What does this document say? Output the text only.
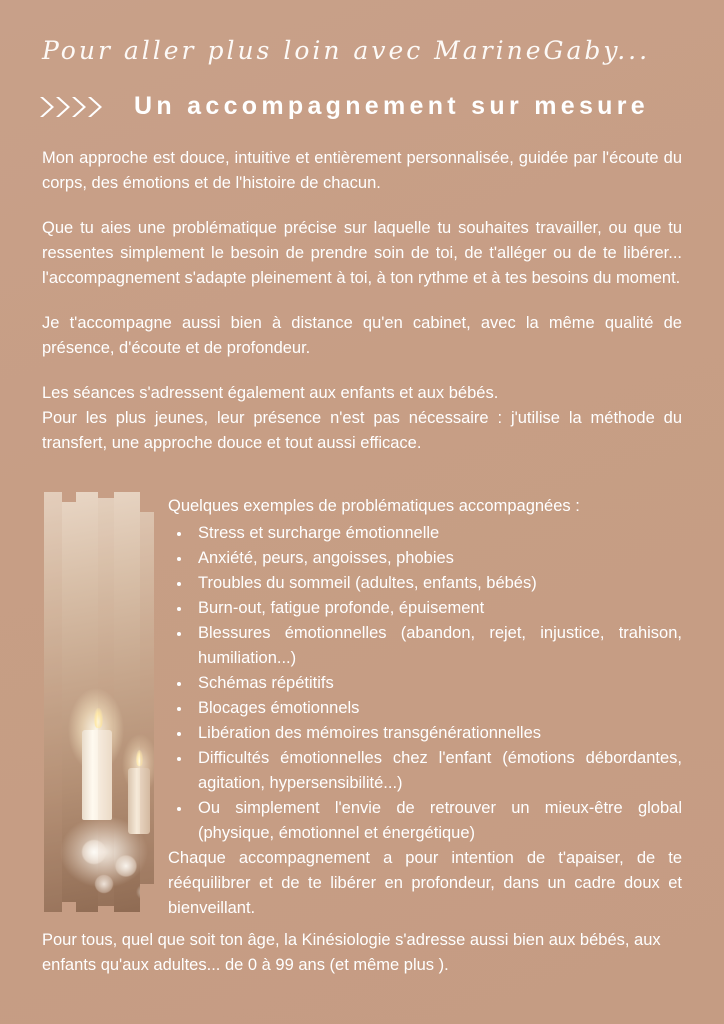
Pour aller plus loin avec MarineGaby...
Un accompagnement sur mesure

Mon approche est douce, intuitive et entièrement personnalisée, guidée par l'écoute du corps, des émotions et de l'histoire de chacun.

Que tu aies une problématique précise sur laquelle tu souhaites travailler, ou que tu ressentes simplement le besoin de prendre soin de toi, de t'alléger ou de te libérer... l'accompagnement s'adapte pleinement à toi, à ton rythme et à tes besoins du moment.

Je t'accompagne aussi bien à distance qu'en cabinet, avec la même qualité de présence, d'écoute et de profondeur.

Les séances s'adressent également aux enfants et aux bébés.

Pour les plus jeunes, leur présence n'est pas nécessaire : j'utilise la méthode du transfert, une approche douce et tout aussi efficace.

Quelques exemples de problématiques accompagnées :

• Stress et surcharge émotionnelle
• Anxiété, peurs, angoisses, phobies
• Troubles du sommeil (adultes, enfants, bébés)
• Burn-out, fatigue profonde, épuisement
• Blessures émotionnelles (abandon, rejet, injustice, trahison, humiliation...)
• Schémas répétitifs
• Blocages émotionnels
• Libération des mémoires transgénérationnelles
• Difficultés émotionnelles chez l'enfant (émotions débordantes, agitation, hypersensibilité...)
• Ou simplement l'envie de retrouver un mieux-être global (physique, émotionnel et énergétique)

Chaque accompagnement a pour intention de t'apaiser, de te rééquilibrer et de te libérer en profondeur, dans un cadre doux et bienveillant.

Pour tous, quel que soit ton âge, la Kinésiologie s'adresse aussi bien aux bébés, aux enfants qu'aux adultes... de 0 à 99 ans (et même plus ).
